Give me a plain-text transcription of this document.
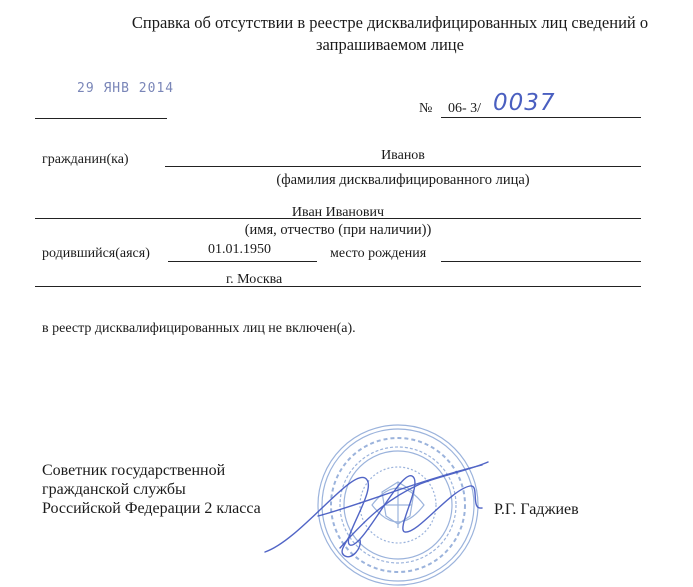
Справка об отсутствии в реестре дисквалифицированных лиц сведений о
запрашиваемом лице
29 ЯНВ 2014
№ 06- 3/ 0037
гражданин(ка)	Иванов
(фамилия дисквалифицированного лица)
Иван Иванович
(имя, отчество (при наличии))
родившийся(аяся)	01.01.1950	место рождения
г. Москва
в реестр дисквалифицированных лиц не включен(а).
Советник государственной
гражданской службы
Российской Федерации 2 класса	Р.Г. Гаджиев
